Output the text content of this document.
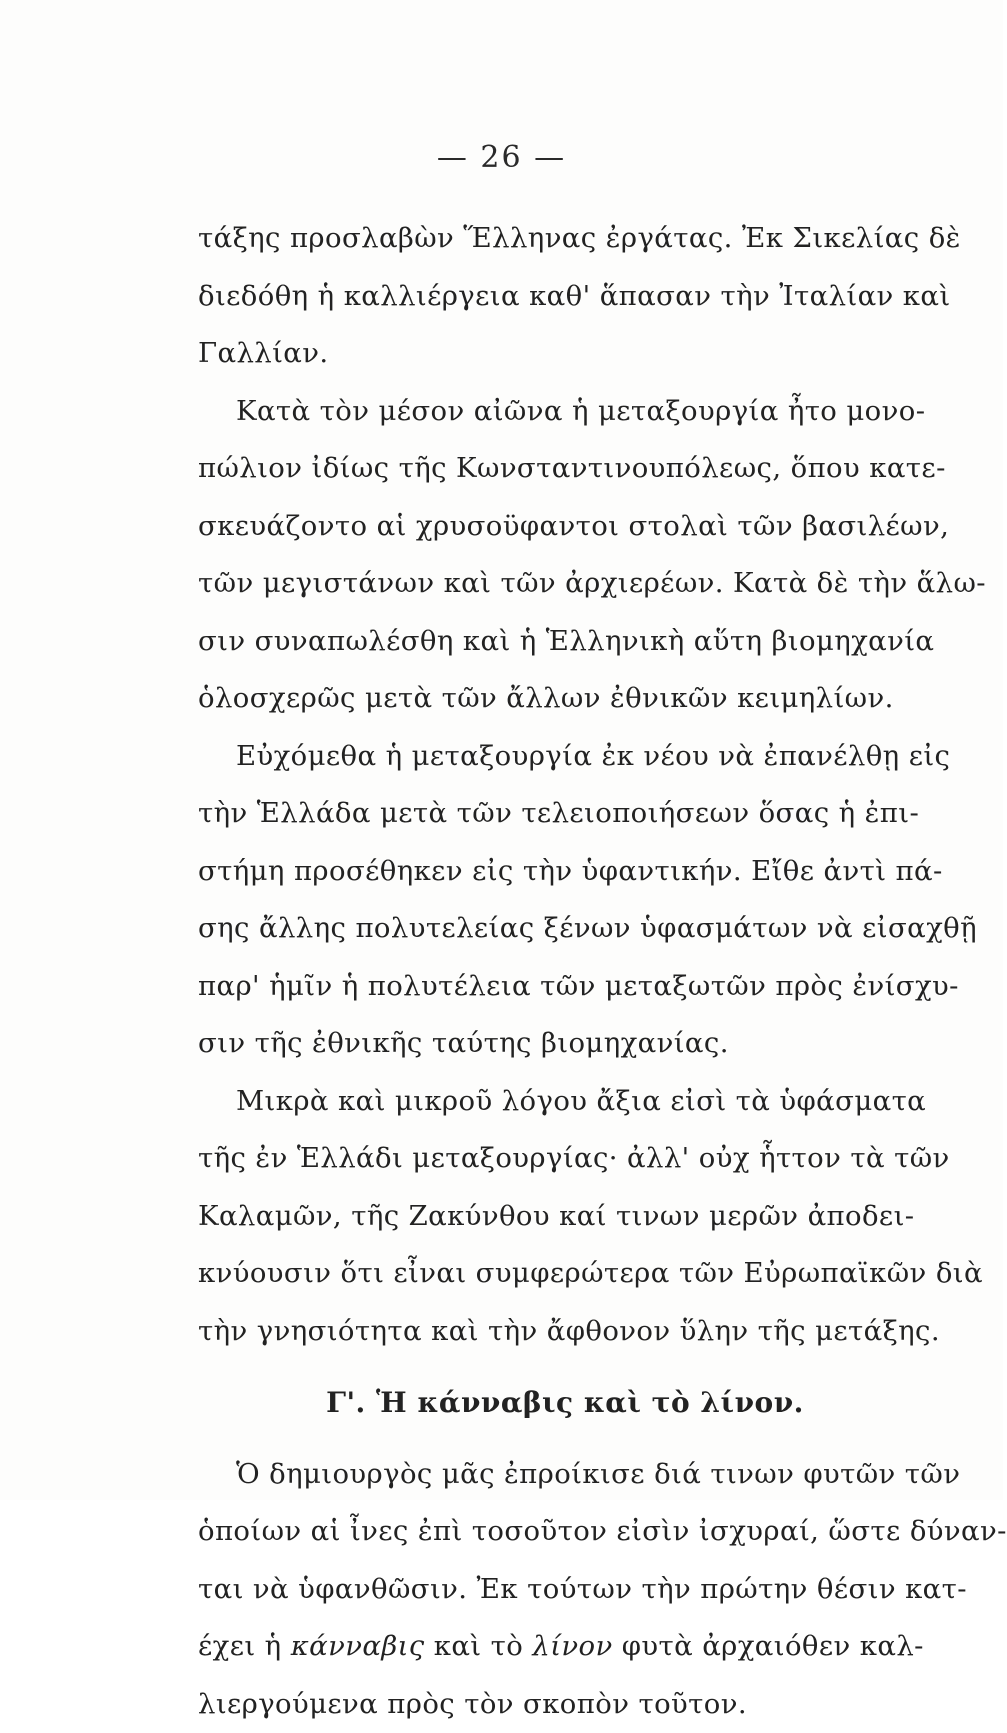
— 26 —
τάξης προσλαβὼν Ἕλληνας ἐργάτας. Ἐκ Σικελίας δὲ
διεδόθη ἡ καλλιέργεια καθ' ἅπασαν τὴν Ἰταλίαν καὶ
Γαλλίαν.
Κατὰ τὸν μέσον αἰῶνα ἡ μεταξουργία ἦτο μονο-
πώλιον ἰδίως τῆς Κωνσταντινουπόλεως, ὅπου κατε-
σκευάζοντο αἱ χρυσοϋφαντοι στολαὶ τῶν βασιλέων,
τῶν μεγιστάνων καὶ τῶν ἀρχιερέων. Κατὰ δὲ τὴν ἅλω-
σιν συναπωλέσθη καὶ ἡ Ἑλληνικὴ αὕτη βιομηχανία
ὁλοσχερῶς μετὰ τῶν ἄλλων ἐθνικῶν κειμηλίων.
Εὐχόμεθα ἡ μεταξουργία ἐκ νέου νὰ ἐπανέλθῃ εἰς
τὴν Ἑλλάδα μετὰ τῶν τελειοποιήσεων ὅσας ἡ ἐπι-
στήμη προσέθηκεν εἰς τὴν ὑφαντικήν. Εἴθε ἀντὶ πά-
σης ἄλλης πολυτελείας ξένων ὑφασμάτων νὰ εἰσαχθῇ
παρ' ἡμῖν ἡ πολυτέλεια τῶν μεταξωτῶν πρὸς ἐνίσχυ-
σιν τῆς ἐθνικῆς ταύτης βιομηχανίας.
Μικρὰ καὶ μικροῦ λόγου ἄξια εἰσὶ τὰ ὑφάσματα
τῆς ἐν Ἑλλάδι μεταξουργίας· ἀλλ' οὐχ ἧττον τὰ τῶν
Καλαμῶν, τῆς Ζακύνθου καί τινων μερῶν ἀποδει-
κνύουσιν ὅτι εἶναι συμφερώτερα τῶν Εὐρωπαϊκῶν διὰ
τὴν γνησιότητα καὶ τὴν ἄφθονον ὕλην τῆς μετάξης.
Γ'. Ἡ κάνναβις καὶ τὸ λίνον.
Ὁ δημιουργὸς μᾶς ἐπροίκισε διά τινων φυτῶν τῶν
ὁποίων αἱ ἶνες ἐπὶ τοσοῦτον εἰσὶν ἰσχυραί, ὥστε δύναν-
ται νὰ ὑφανθῶσιν. Ἐκ τούτων τὴν πρώτην θέσιν κατ-
έχει ἡ κάνναβις καὶ τὸ λίνον φυτὰ ἀρχαιόθεν καλ-
λιεργούμενα πρὸς τὸν σκοπὸν τοῦτον.
